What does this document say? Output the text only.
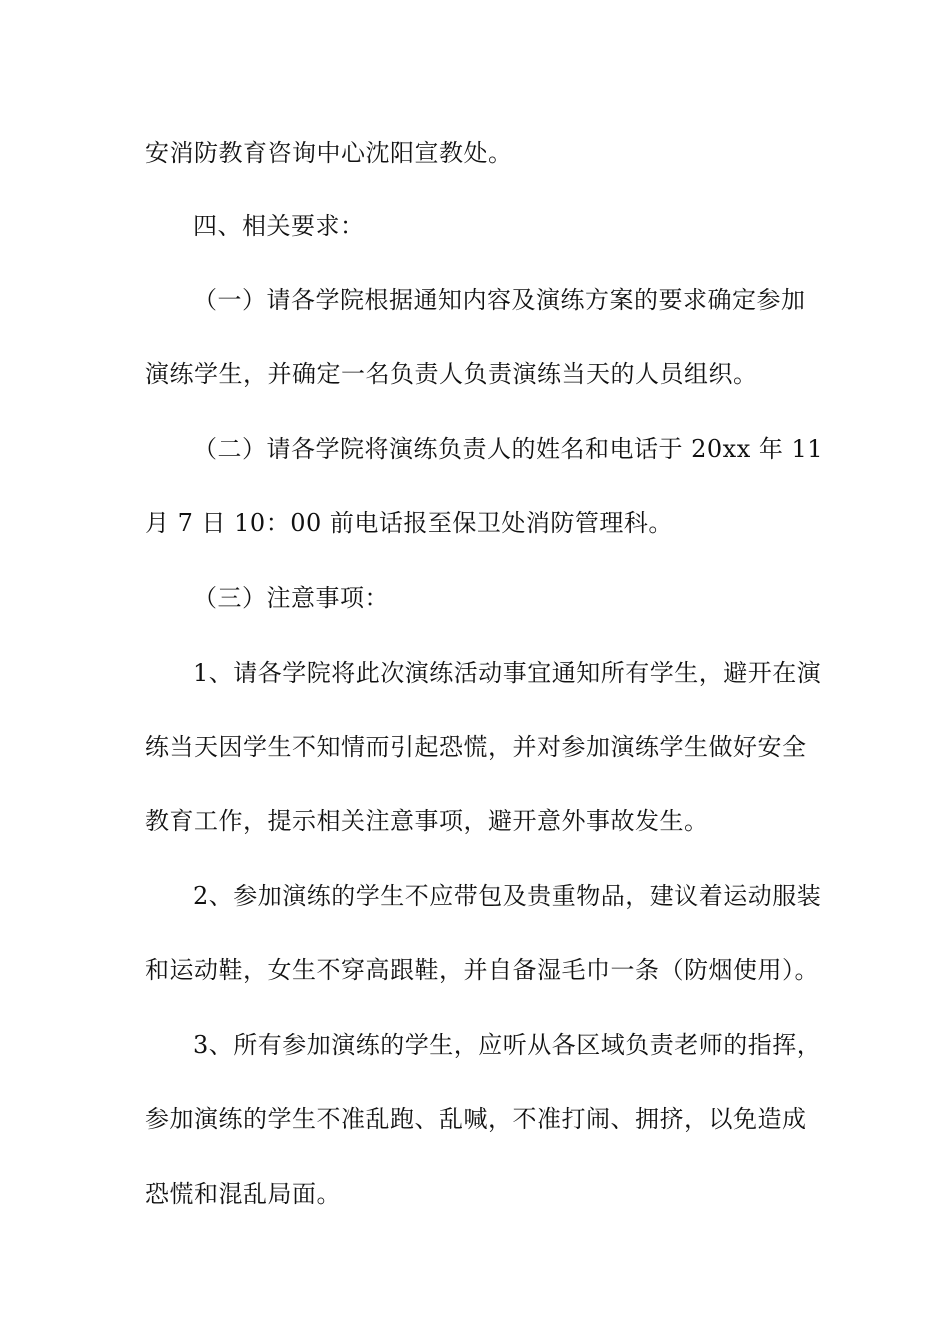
安消防教育咨询中心沈阳宣教处。
四、相关要求：
（一）请各学院根据通知内容及演练方案的要求确定参加
演练学生，并确定一名负责人负责演练当天的人员组织。
（二）请各学院将演练负责人的姓名和电话于 20xx 年 11
月 7 日 10：00 前电话报至保卫处消防管理科。
（三）注意事项：
1、请各学院将此次演练活动事宜通知所有学生，避开在演
练当天因学生不知情而引起恐慌，并对参加演练学生做好安全
教育工作，提示相关注意事项，避开意外事故发生。
2、参加演练的学生不应带包及贵重物品，建议着运动服装
和运动鞋，女生不穿高跟鞋，并自备湿毛巾一条（防烟使用）。
3、所有参加演练的学生，应听从各区域负责老师的指挥，
参加演练的学生不准乱跑、乱喊，不准打闹、拥挤，以免造成
恐慌和混乱局面。
